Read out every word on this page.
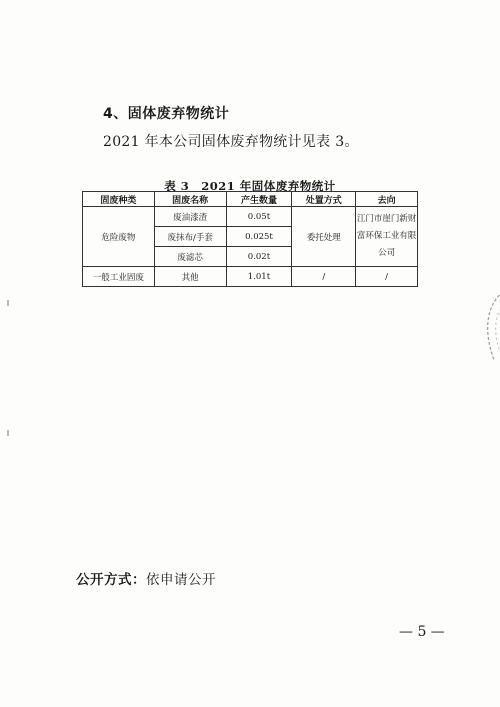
4、固体废弃物统计
2021 年本公司固体废弃物统计见表 3。
表 3　2021 年固体废弃物统计
固废种类	固废名称	产生数量	处置方式	去向
危险废物	废油漆渣	0.05t	委托处理	江门市崖门新财
富环保工业有限
公司

	废抹布/手套	0.025t		
	废滤芯	0.02t		
一般工业固废	其他	1.01t	/	/
公开方式：依申请公开
— 5 —
